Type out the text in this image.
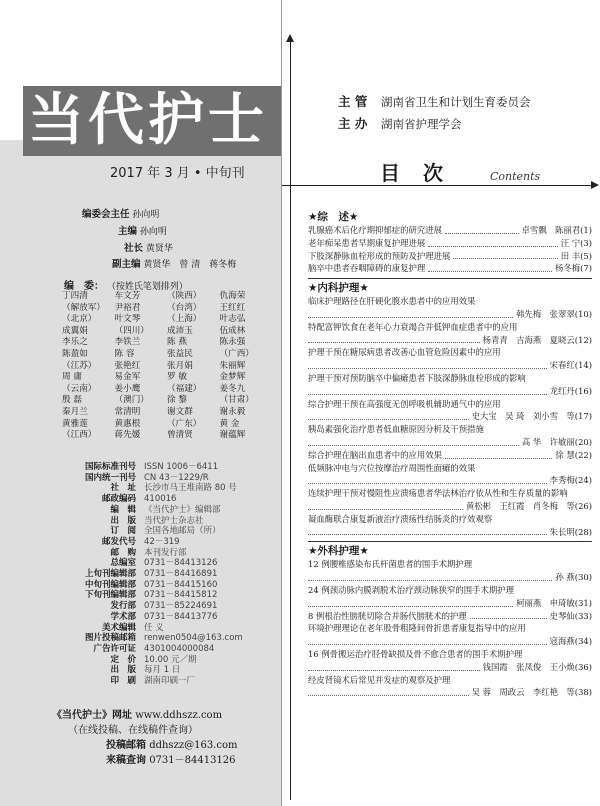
当代护士
2017 年 3 月 • 中旬刊
编委会主任 孙向明
主编 孙向明
社长 黄贤华
副主编 黄贤华　曾 清　蒋冬梅
编　委： （按姓氏笔划排列）
丁四清	车文芳	（陕西）	仇海荣
（解放军）	尹裕君	（台湾）	王红红
（北京）	叶文琴	（上海）	叶志弘
成翼娟	（四川）	成沛玉	伍成林
李乐之	李铁兰	陈 燕	陈永强
陈盈如	陈 容	张益民	（广西）
（江苏）	张艳红	张月娟	朱丽辉
周 庸	易金军	罗 敏	金梦辉
（云南）	姜小鹰	（福建）	姜冬九
殷 磊	（澳门）	徐 黎	（甘肃）
秦月兰	常清明	谢文群	谢永毅
黄雅莲	黄惠根	（广东）	黄 金
（江西）	蒋先媛	曾清贤	谢蕴辉
国际标准刊号 ISSN 1006－6411
国内统一刊号 CN 43－1229/R
社　址 长沙市马王堆南路 80 号
邮政编码 410016
编　辑 《当代护士》编辑部
出　版 当代护士杂志社
订　阅 全国各地邮局（所）
邮发代号 42－319
邮　购 本刊发行部
总编室 0731－84413126
上旬刊编辑部 0731－84416891
中旬刊编辑部 0731－84415160
下旬刊编辑部 0731－84415812
发行部 0731－85224691
学术部 0731－84413776
美术编辑 任 义
图片投稿邮箱 renwen0504@163.com
广告许可证 4301004000084
定　价 10.00 元／期
出　版 每月 1 日
印　刷 湖南印刷一厂
《当代护士》网址 www.ddhszz.com
（在线投稿、在线稿件查询）
投稿邮箱 ddhszz@163.com
来稿查询 0731－84413126
主 管 湖南省卫生和计划生育委员会
主 办 湖南省护理学会
目 次	Contents
★综　述★
乳腺癌术后化疗期抑郁症的研究进展	卓雪飘　陈丽君(1)
老年痴呆患者早期康复护理进展	汪 宁(3)
下肢深静脉血栓形成的预防及护理进展	田 丰(5)
脑卒中患者吞咽障碍的康复护理	杨冬梅(7)
★内科护理★
临床护理路径在肝硬化腹水患者中的应用效果
韩先梅　张翠翠(10)
特配富钾饮食在老年心力衰竭合并低钾血症患者中的应用
杨青青　吉海燕　夏晓云(12)
护理干预在糖尿病患者改善心血管危险因素中的应用
宋春红(14)
护理干预对预防脑卒中偏瘫患者下肢深静脉血栓形成的影响
龙红丹(16)
综合护理干预在高强度无创呼吸机辅助通气中的应用
史大宝　吴 琦　刘小雪　等(17)
胰岛素强化治疗患者低血糖原因分析及干预措施
高 华　许敏丽(20)
综合护理在脑出血患者中的应用效果	徐 慧(22)
低频脉冲电与穴位按摩治疗周围性面瘫的效果
李秀梅(24)
连续护理干预对慢阻性应溃疡患者华法林治疗依从性和生存质量的影响
黄松彬　王红霞　肖冬梅　等(26)
凝血酶联合康复新液治疗溃疡性结肠炎的疗效观察
朱长明(28)
★外科护理★
12 例腰椎感染布氏杆菌患者的围手术期护理
孙 燕(30)
24 例颈动脉内膜剥脱术治疗颈动脉狭窄的围手术期护理
柯丽燕　申琦敏(31)
8 例根治性膀胱切除合并肠代膀胱术的护理	史琴仙(33)
环境护理理论在老年股骨粗隆间骨折患者康复指导中的应用
寇海燕(34)
16 例骨搬运治疗胫骨缺损及骨不愈合患者的围手术期护理
钱国霞　张凤俊　王小焕(36)
经皮肾镜术后常见并发症的观察及护理
吴 蓉　周政云　李红艳　等(38)
